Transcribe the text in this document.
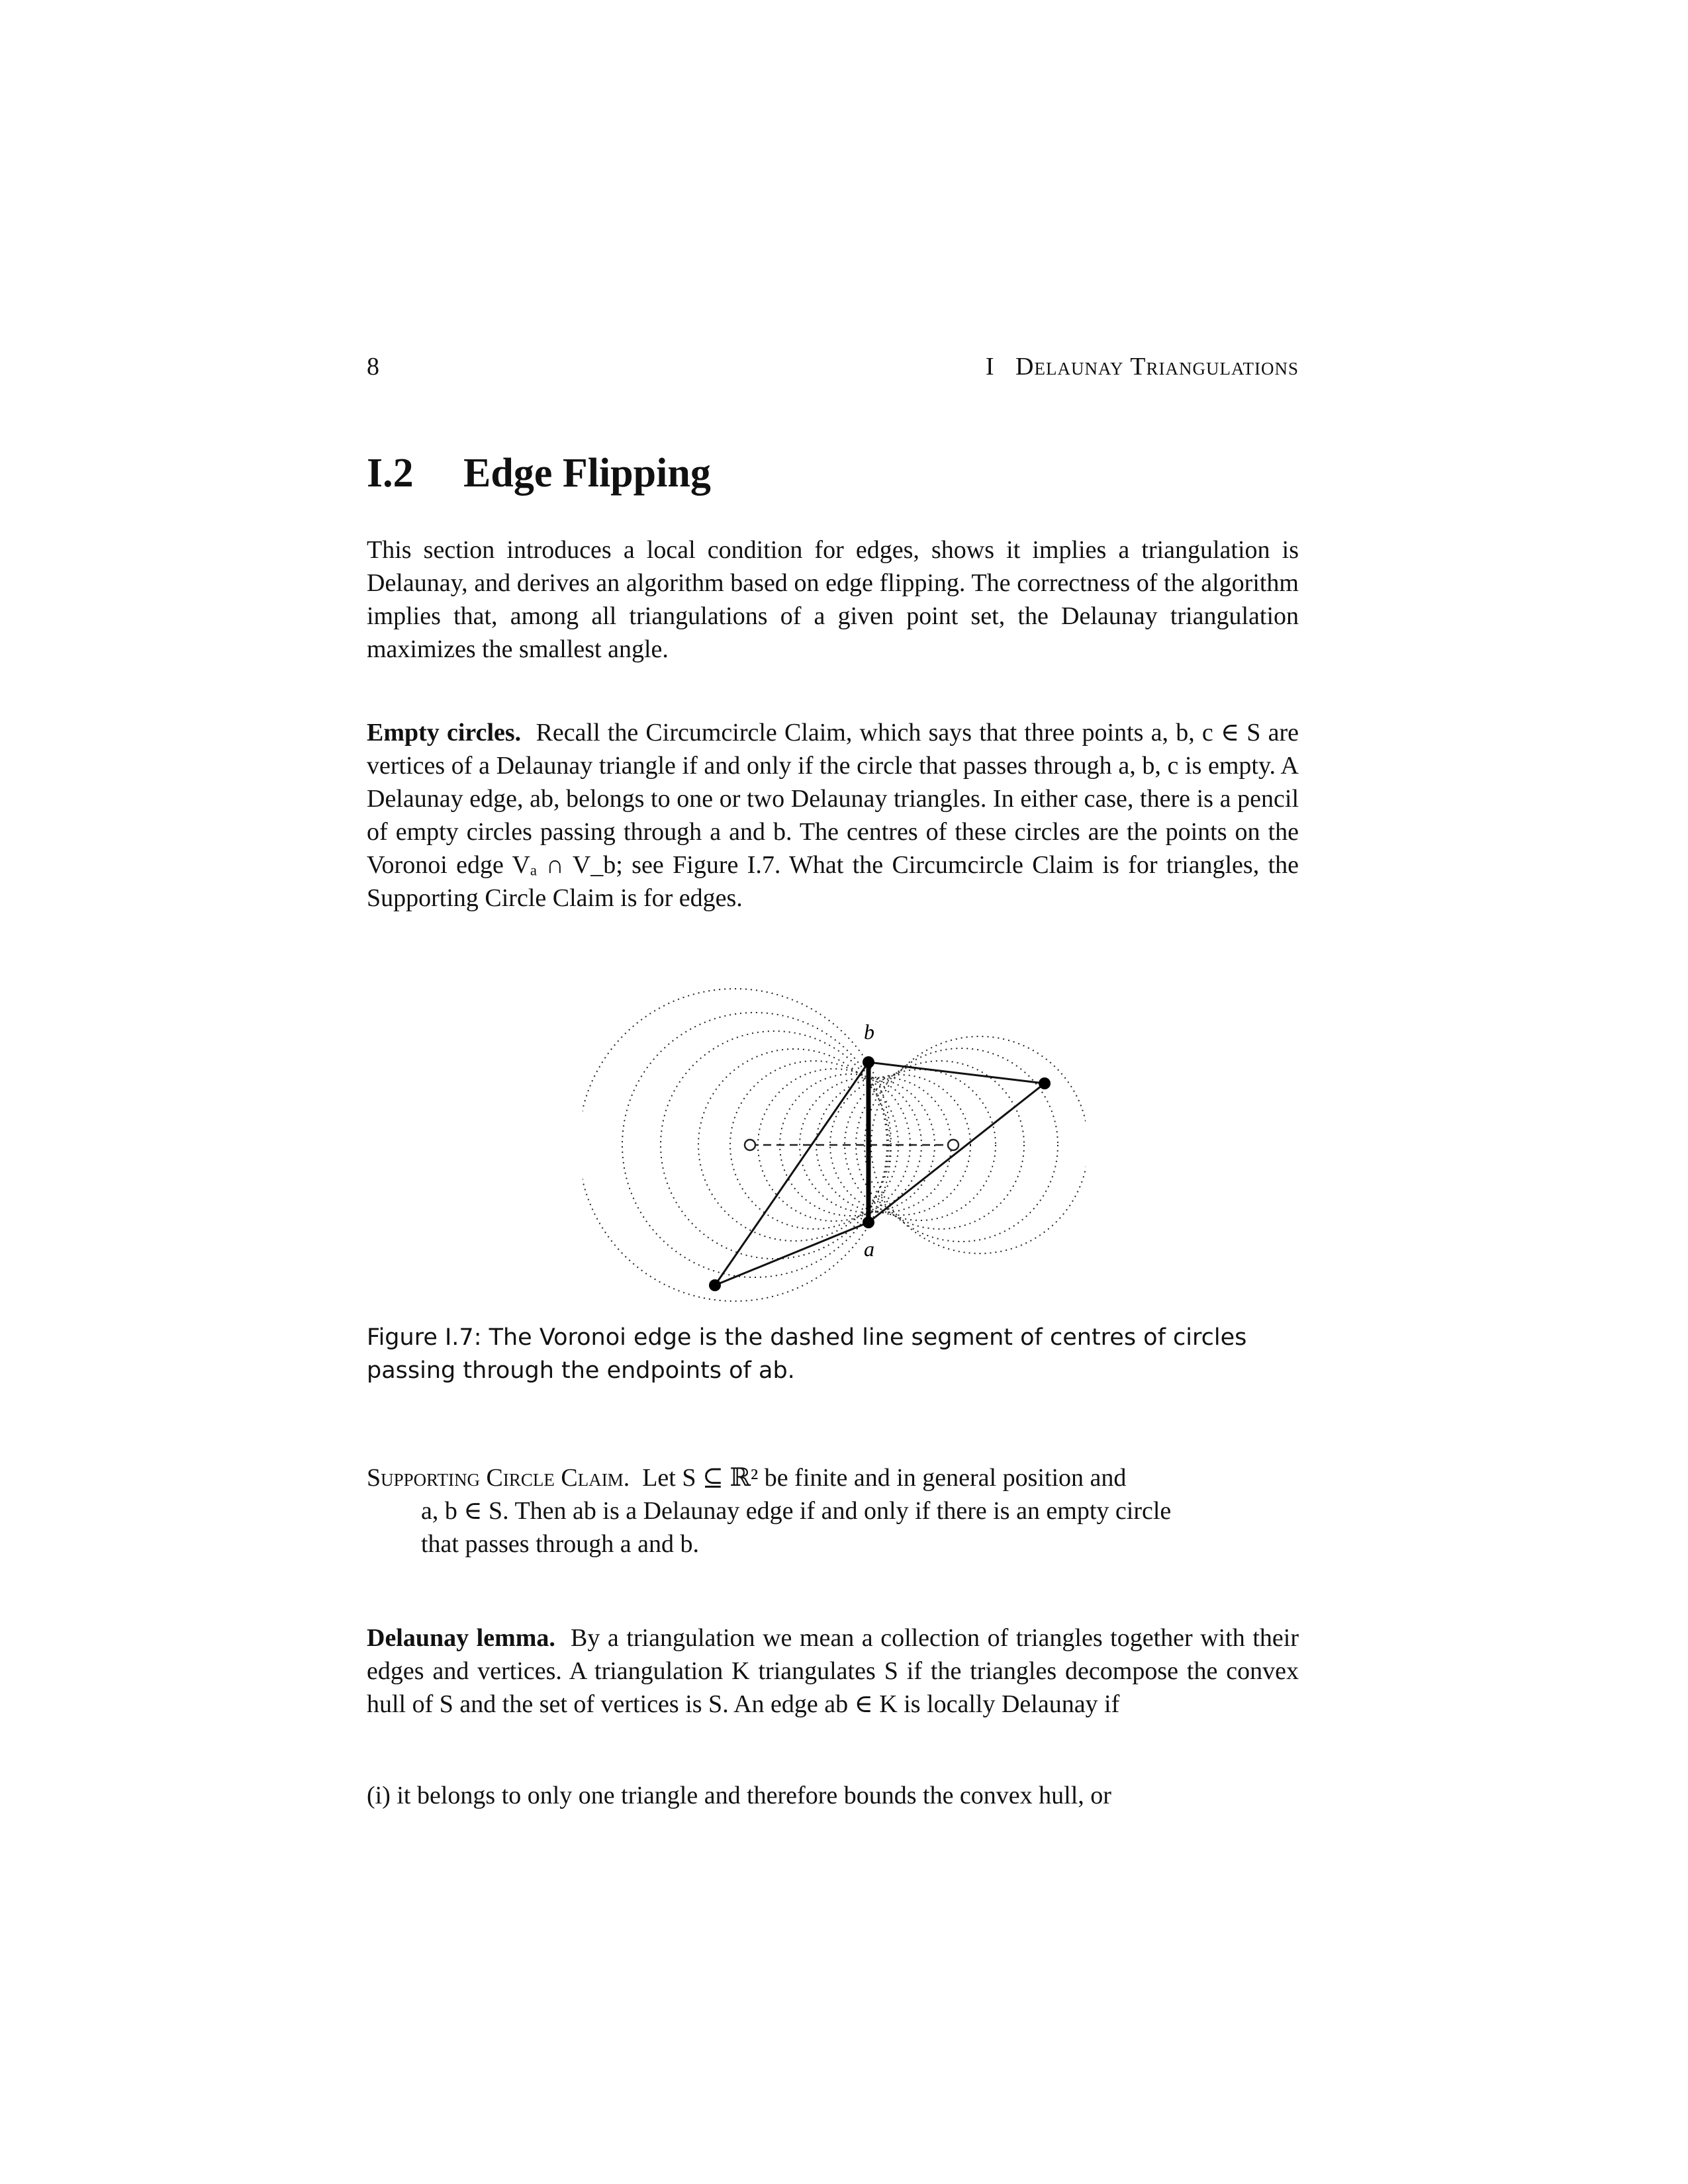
8	I Delaunay Triangulations
I.2 Edge Flipping

This section introduces a local condition for edges, shows it implies a triangulation is Delaunay, and derives an algorithm based on edge flipping. The correctness of the algorithm implies that, among all triangulations of a given point set, the Delaunay triangulation maximizes the smallest angle.

Empty circles. Recall the Circumcircle Claim, which says that three points a, b, c ∈ S are vertices of a Delaunay triangle if and only if the circle that passes through a, b, c is empty. A Delaunay edge, ab, belongs to one or two Delaunay triangles. In either case, there is a pencil of empty circles passing through a and b. The centres of these circles are the points on the Voronoi edge Vₐ ∩ V_b; see Figure I.7. What the Circumcircle Claim is for triangles, the Supporting Circle Claim is for edges.

b
a

Figure I.7: The Voronoi edge is the dashed line segment of centres of circles passing through the endpoints of ab.

Supporting Circle Claim. Let S ⊆ ℝ² be finite and in general position and
a, b ∈ S. Then ab is a Delaunay edge if and only if there is an empty circle
that passes through a and b.

Delaunay lemma. By a triangulation we mean a collection of triangles together with their edges and vertices. A triangulation K triangulates S if the triangles decompose the convex hull of S and the set of vertices is S. An edge ab ∈ K is locally Delaunay if

(i) it belongs to only one triangle and therefore bounds the convex hull, or
